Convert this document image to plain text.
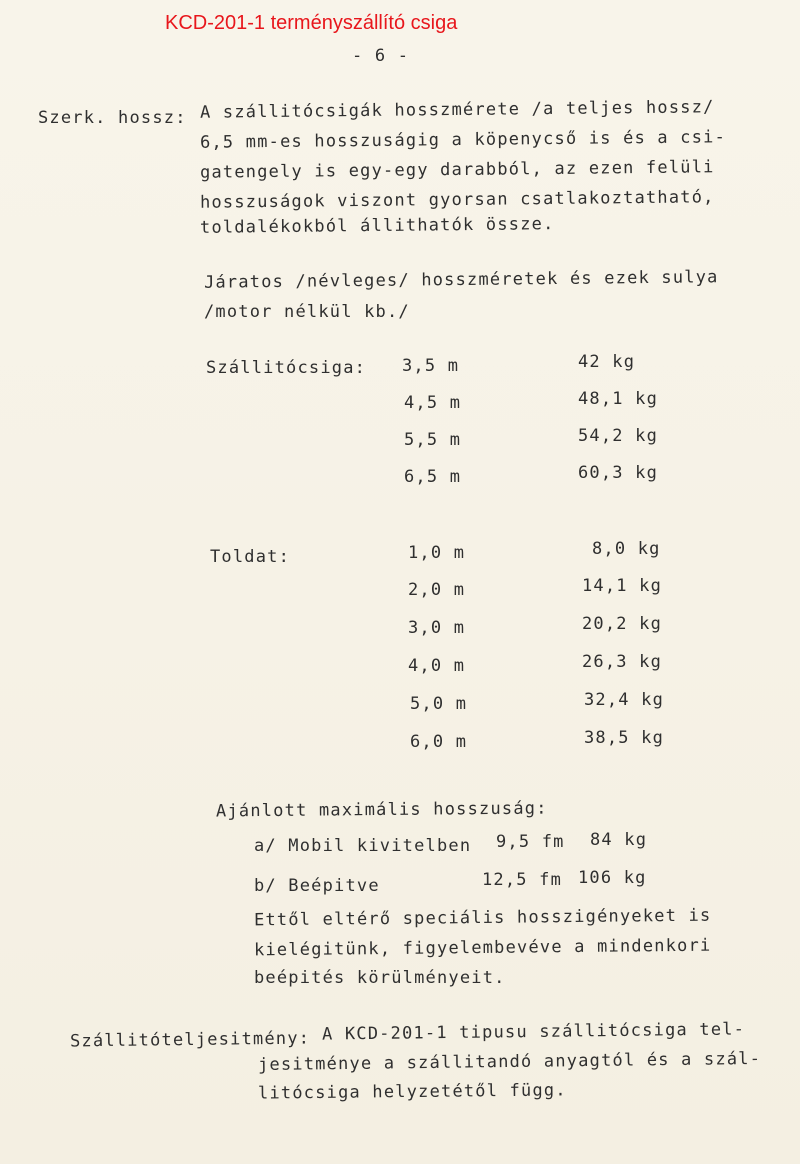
KCD-201-1 terményszállító csiga
- 6 -
Szerk. hossz: A szállitócsigák hosszmérete /a teljes hossz/
6,5 mm-es hosszuságig a köpenycső is és a csi-
gatengely is egy-egy darabból, az ezen felüli
hosszuságok viszont gyorsan csatlakoztatható,
toldalékokból állithatók össze.
Járatos /névleges/ hosszméretek és ezek sulya
/motor nélkül kb./
Szállitócsiga: 3,5 m	42 kg
4,5 m	48,1 kg
5,5 m	54,2 kg
6,5 m	60,3 kg
Toldat:	1,0 m	8,0 kg
2,0 m	14,1 kg
3,0 m	20,2 kg
4,0 m	26,3 kg
5,0 m	32,4 kg
6,0 m	38,5 kg
Ajánlott maximális hosszuság:
a/ Mobil kivitelben 9,5 fm 84 kg
b/ Beépitve	12,5 fm 106 kg
Ettől eltérő speciális hosszigényeket is
kielégitünk, figyelembevéve a mindenkori
beépités körülményeit.
Szállitóteljesitmény: A KCD-201-1 tipusu szállitócsiga tel-
jesitménye a szállitandó anyagtól és a szál-
litócsiga helyzetétől függ.
